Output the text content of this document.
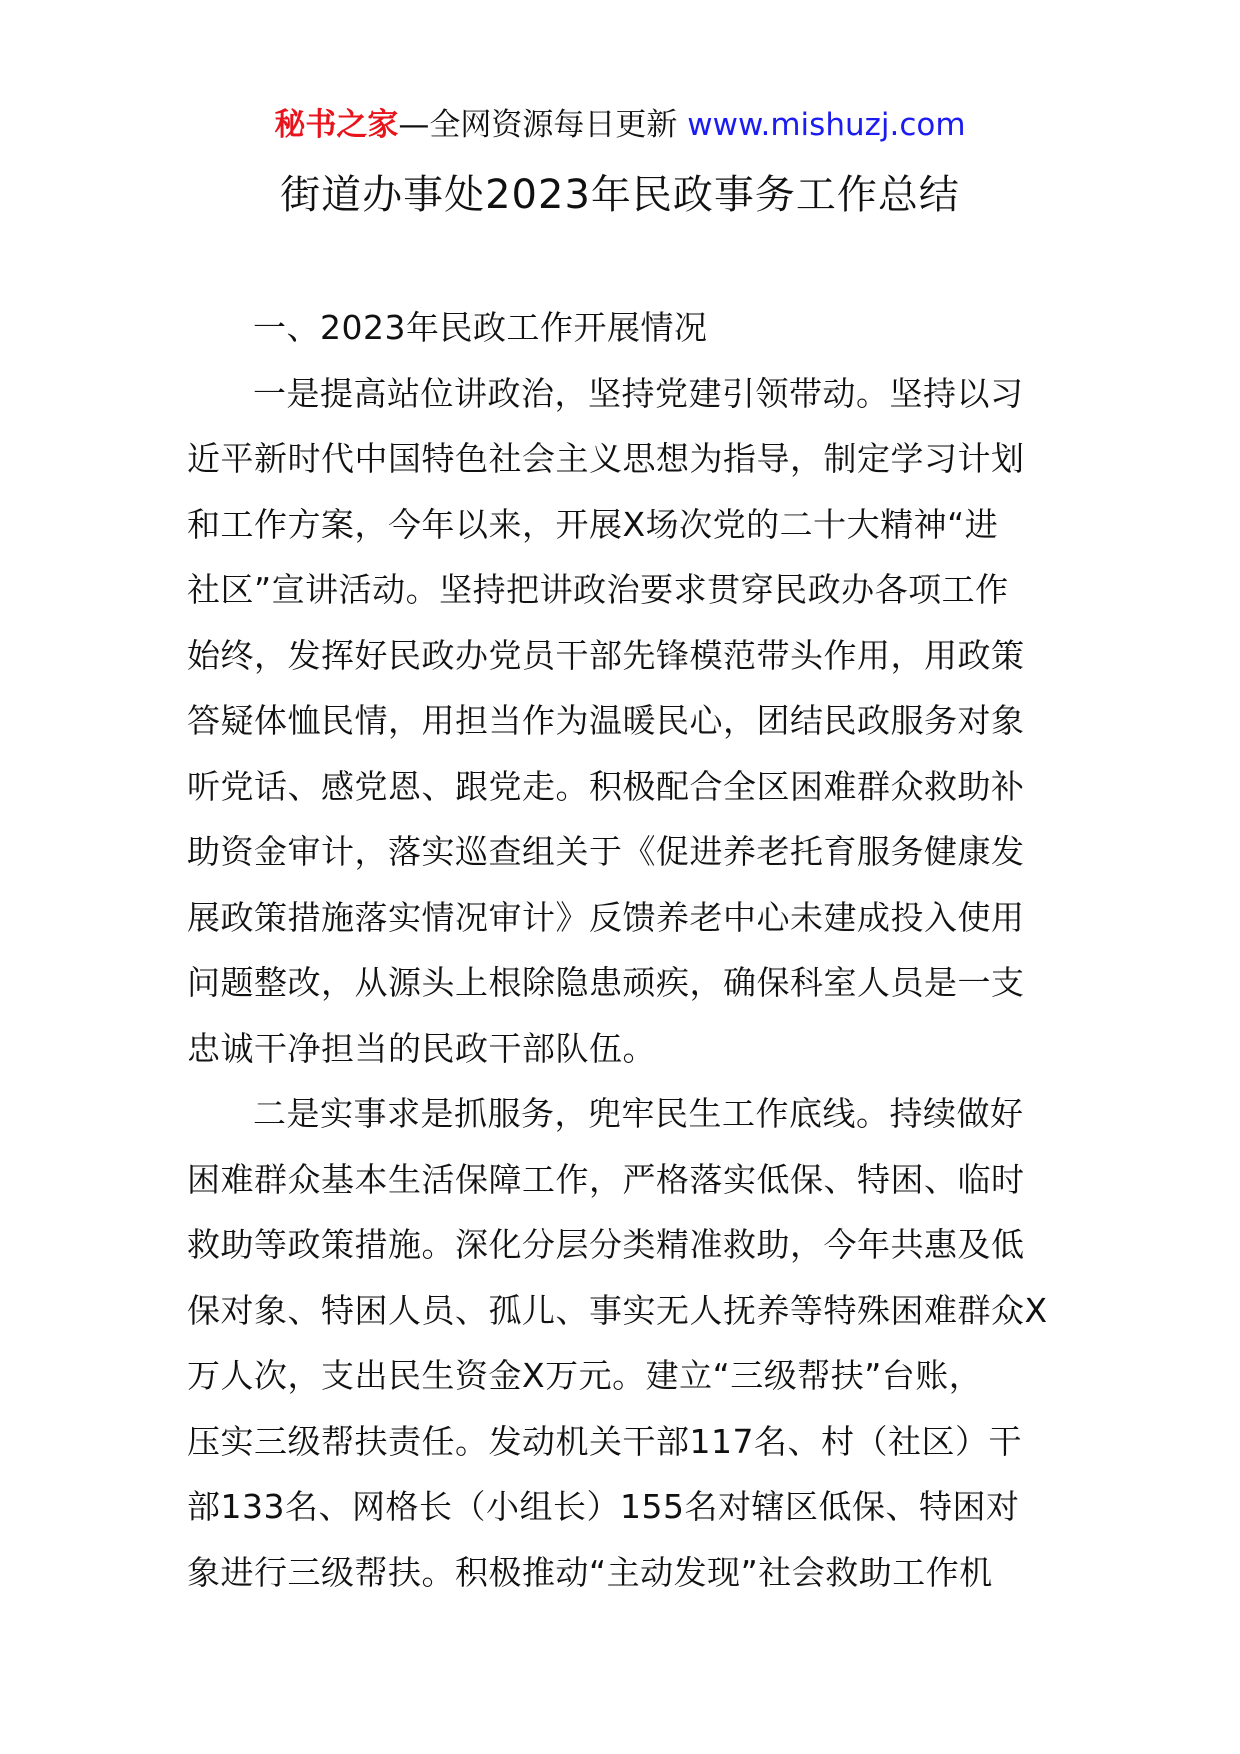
秘书之家—全网资源每日更新 www.mishuzj.com
街道办事处2023年民政事务工作总结
一、2023年民政工作开展情况
一是提高站位讲政治，坚持党建引领带动。坚持以习
近平新时代中国特色社会主义思想为指导，制定学习计划
和工作方案，今年以来，开展X场次党的二十大精神“进
社区”宣讲活动。坚持把讲政治要求贯穿民政办各项工作
始终，发挥好民政办党员干部先锋模范带头作用，用政策
答疑体恤民情，用担当作为温暖民心，团结民政服务对象
听党话、感党恩、跟党走。积极配合全区困难群众救助补
助资金审计，落实巡查组关于《促进养老托育服务健康发
展政策措施落实情况审计》反馈养老中心未建成投入使用
问题整改，从源头上根除隐患顽疾，确保科室人员是一支
忠诚干净担当的民政干部队伍。
二是实事求是抓服务，兜牢民生工作底线。持续做好
困难群众基本生活保障工作，严格落实低保、特困、临时
救助等政策措施。深化分层分类精准救助，今年共惠及低
保对象、特困人员、孤儿、事实无人抚养等特殊困难群众X
万人次，支出民生资金X万元。建立“三级帮扶”台账，
压实三级帮扶责任。发动机关干部117名、村（社区）干
部133名、网格长（小组长）155名对辖区低保、特困对
象进行三级帮扶。积极推动“主动发现”社会救助工作机
